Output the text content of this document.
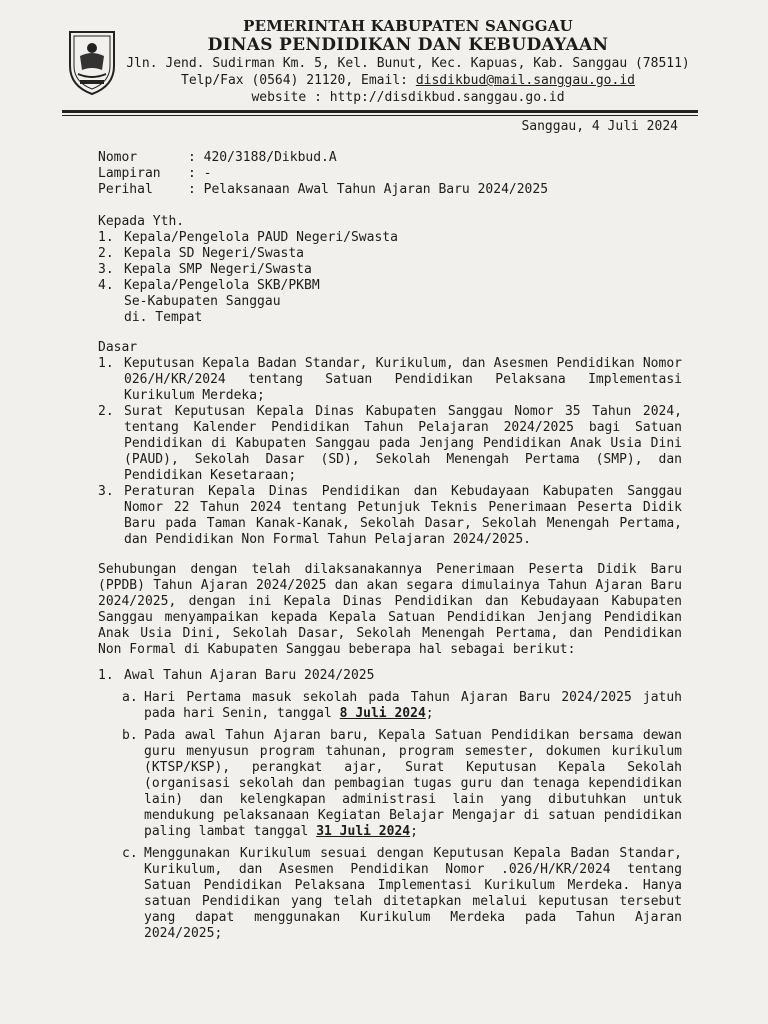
PEMERINTAH KABUPATEN SANGGAU
DINAS PENDIDIKAN DAN KEBUDAYAAN
Jln. Jend. Sudirman Km. 5, Kel. Bunut, Kec. Kapuas, Kab. Sanggau (78511)
Telp/Fax (0564) 21120, Email: disdikbud@mail.sanggau.go.id
website : http://disdikbud.sanggau.go.id
Sanggau, 4 Juli 2024
Nomor	: 420/3188/Dikbud.A
Lampiran	: -
Perihal	: Pelaksanaan Awal Tahun Ajaran Baru 2024/2025
Kepada Yth.
1. Kepala/Pengelola PAUD Negeri/Swasta
2. Kepala SD Negeri/Swasta
3. Kepala SMP Negeri/Swasta
4. Kepala/Pengelola SKB/PKBM
Se-Kabupaten Sanggau
di. Tempat
Dasar
1. Keputusan Kepala Badan Standar, Kurikulum, dan Asesmen Pendidikan Nomor 026/H/KR/2024 tentang Satuan Pendidikan Pelaksana Implementasi Kurikulum Merdeka;
2. Surat Keputusan Kepala Dinas Kabupaten Sanggau Nomor 35 Tahun 2024, tentang Kalender Pendidikan Tahun Pelajaran 2024/2025 bagi Satuan Pendidikan di Kabupaten Sanggau pada Jenjang Pendidikan Anak Usia Dini (PAUD), Sekolah Dasar (SD), Sekolah Menengah Pertama (SMP), dan Pendidikan Kesetaraan;
3. Peraturan Kepala Dinas Pendidikan dan Kebudayaan Kabupaten Sanggau Nomor 22 Tahun 2024 tentang Petunjuk Teknis Penerimaan Peserta Didik Baru pada Taman Kanak-Kanak, Sekolah Dasar, Sekolah Menengah Pertama, dan Pendidikan Non Formal Tahun Pelajaran 2024/2025.
Sehubungan dengan telah dilaksanakannya Penerimaan Peserta Didik Baru (PPDB) Tahun Ajaran 2024/2025 dan akan segara dimulainya Tahun Ajaran Baru 2024/2025, dengan ini Kepala Dinas Pendidikan dan Kebudayaan Kabupaten Sanggau menyampaikan kepada Kepala Satuan Pendidikan Jenjang Pendidikan Anak Usia Dini, Sekolah Dasar, Sekolah Menengah Pertama, dan Pendidikan Non Formal di Kabupaten Sanggau beberapa hal sebagai berikut:
1. Awal Tahun Ajaran Baru 2024/2025
a. Hari Pertama masuk sekolah pada Tahun Ajaran Baru 2024/2025 jatuh pada hari Senin, tanggal 8 Juli 2024;
b. Pada awal Tahun Ajaran baru, Kepala Satuan Pendidikan bersama dewan guru menyusun program tahunan, program semester, dokumen kurikulum (KTSP/KSP), perangkat ajar, Surat Keputusan Kepala Sekolah (organisasi sekolah dan pembagian tugas guru dan tenaga kependidikan lain) dan kelengkapan administrasi lain yang dibutuhkan untuk mendukung pelaksanaan Kegiatan Belajar Mengajar di satuan pendidikan paling lambat tanggal 31 Juli 2024;
c. Menggunakan Kurikulum sesuai dengan Keputusan Kepala Badan Standar, Kurikulum, dan Asesmen Pendidikan Nomor .026/H/KR/2024 tentang Satuan Pendidikan Pelaksana Implementasi Kurikulum Merdeka. Hanya satuan Pendidikan yang telah ditetapkan melalui keputusan tersebut yang dapat menggunakan Kurikulum Merdeka pada Tahun Ajaran 2024/2025;
